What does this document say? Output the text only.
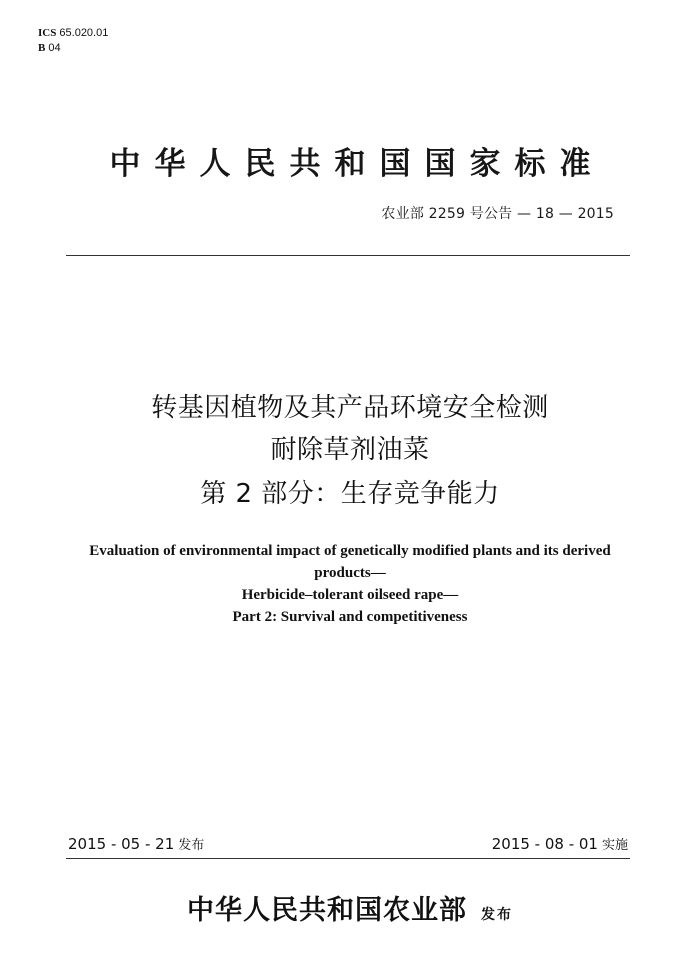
ICS 65.020.01
B 04
中华人民共和国国家标准
农业部 2259 号公告 — 18 — 2015
转基因植物及其产品环境安全检测
耐除草剂油菜
第 2 部分：生存竞争能力
Evaluation of environmental impact of genetically modified plants and its derived
products—
Herbicide–tolerant oilseed rape—
Part 2: Survival and competitiveness
2015 - 05 - 21 发布	2015 - 08 - 01 实施
中华人民共和国农业部 发布
